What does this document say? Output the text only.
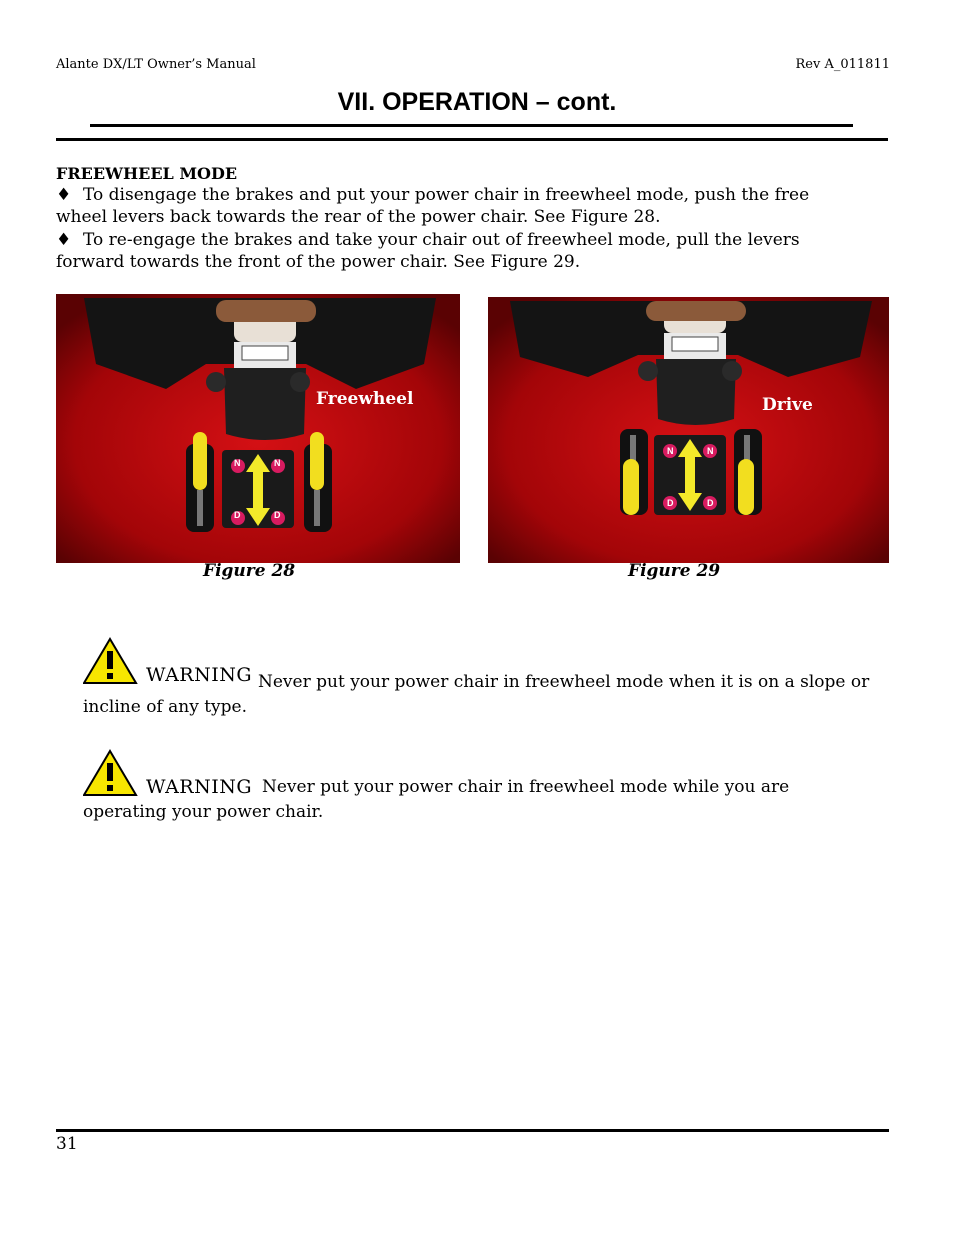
Alante DX/LT Owner’s Manual	Rev A_011811
VII. OPERATION – cont.
FREEWHEEL MODE
♦ To disengage the brakes and put your power chair in freewheel mode, push the free
wheel levers back towards the rear of the power chair. See Figure 28.
♦ To re-engage the brakes and take your chair out of freewheel mode, pull the levers
forward towards the front of the power chair. See Figure 29.
Freewheel
Figure 28
N	N
D	D
Drive
Figure 29
N	N
D	D
WARNING Never put your power chair in freewheel mode when it is on a slope or
incline of any type.
WARNING Never put your power chair in freewheel mode while you are
operating your power chair.
31
